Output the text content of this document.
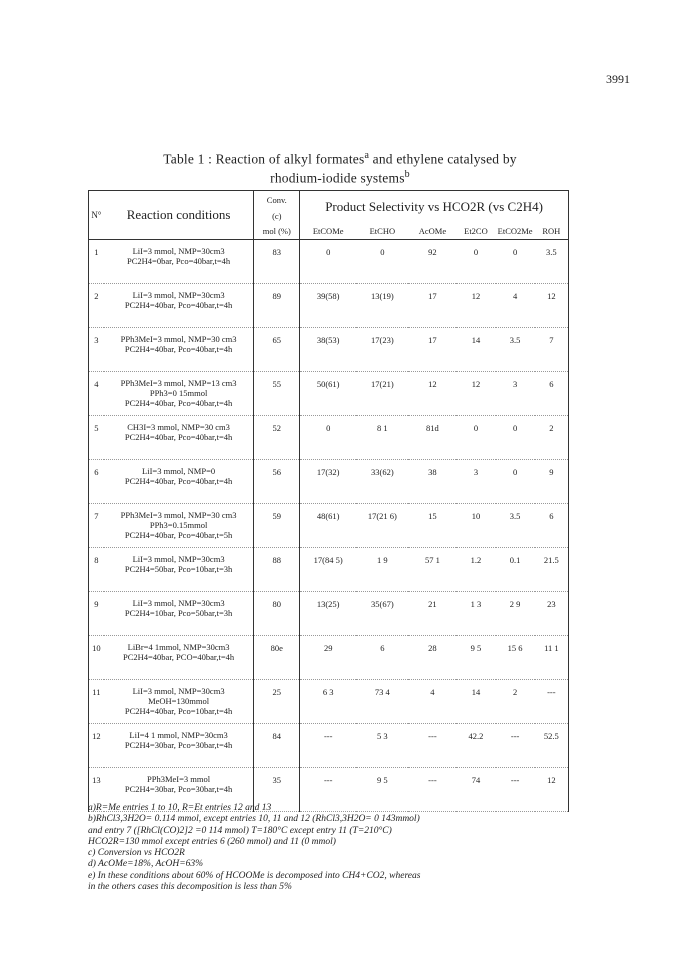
3991
Table 1 : Reaction of alkyl formates$^a$ and ethylene catalysed by
rhodium-iodide systems$^b$
N°	Reaction conditions	Conv.	Product Selectivity vs HCO2R (vs C2H4)					
		(c)						
		mol (%)	EtCOMe	EtCHO	AcOMe	Et2CO	EtCO2Me	ROH
1	LiI=3 mmol, NMP=30cm3
PC2H4=0bar, Pco=40bar,t=4h	83	0	0	92	0	0	3.5
2	LiI=3 mmol, NMP=30cm3
PC2H4=40bar, Pco=40bar,t=4h	89	39(58)	13(19)	17	12	4	12
3	PPh3MeI=3 mmol, NMP=30 cm3
PC2H4=40bar, Pco=40bar,t=4h	65	38(53)	17(23)	17	14	3.5	7
4	PPh3MeI=3 mmol, NMP=13 cm3
PPh3=0 15mmol
PC2H4=40bar, Pco=40bar,t=4h	55	50(61)	17(21)	12	12	3	6
5	CH3I=3 mmol, NMP=30 cm3
PC2H4=40bar, Pco=40bar,t=4h	52	0	8 1	81d	0	0	2
6	LiI=3 mmol, NMP=0
PC2H4=40bar, Pco=40bar,t=4h	56	17(32)	33(62)	38	3	0	9
7	PPh3MeI=3 mmol, NMP=30 cm3
PPh3=0.15mmol
PC2H4=40bar, Pco=40bar,t=5h	59	48(61)	17(21 6)	15	10	3.5	6
8	LiI=3 mmol, NMP=30cm3
PC2H4=50bar, Pco=10bar,t=3h	88	17(84 5)	1 9	57 1	1.2	0.1	21.5
9	LiI=3 mmol, NMP=30cm3
PC2H4=10bar, Pco=50bar,t=3h	80	13(25)	35(67)	21	1 3	2 9	23
10	LiBr=4 1mmol, NMP=30cm3
PC2H4=40bar, PCO=40bar,t=4h	80e	29	6	28	9 5	15 6	11 1
11	LiI=3 mmol, NMP=30cm3
MeOH=130mmol
PC2H4=40bar, Pco=10bar,t=4h	25	6 3	73 4	4	14	2	---
12	LiI=4 1 mmol, NMP=30cm3
PC2H4=30bar, Pco=30bar,t=4h	84	---	5 3	---	42.2	---	52.5
13	PPh3MeI=3 mmol
PC2H4=30bar, Pco=30bar,t=4h	35	---	9 5	---	74	---	12
a)R=Me entries 1 to 10, R=Et entries 12 and 13
b)RhCl3,3H2O= 0.114 mmol, except entries 10, 11 and 12 (RhCl3,3H2O= 0 143mmol)
and entry 7 ([RhCl(CO)2]2 =0 114 mmol) T=180°C except entry 11 (T=210°C)
HCO2R=130 mmol except entries 6 (260 mmol) and 11 (0 mmol)
c) Conversion vs HCO2R
d) AcOMe=18%, AcOH=63%
e) In these conditions about 60% of HCOOMe is decomposed into CH4+CO2, whereas
in the others cases this decomposition is less than 5%
